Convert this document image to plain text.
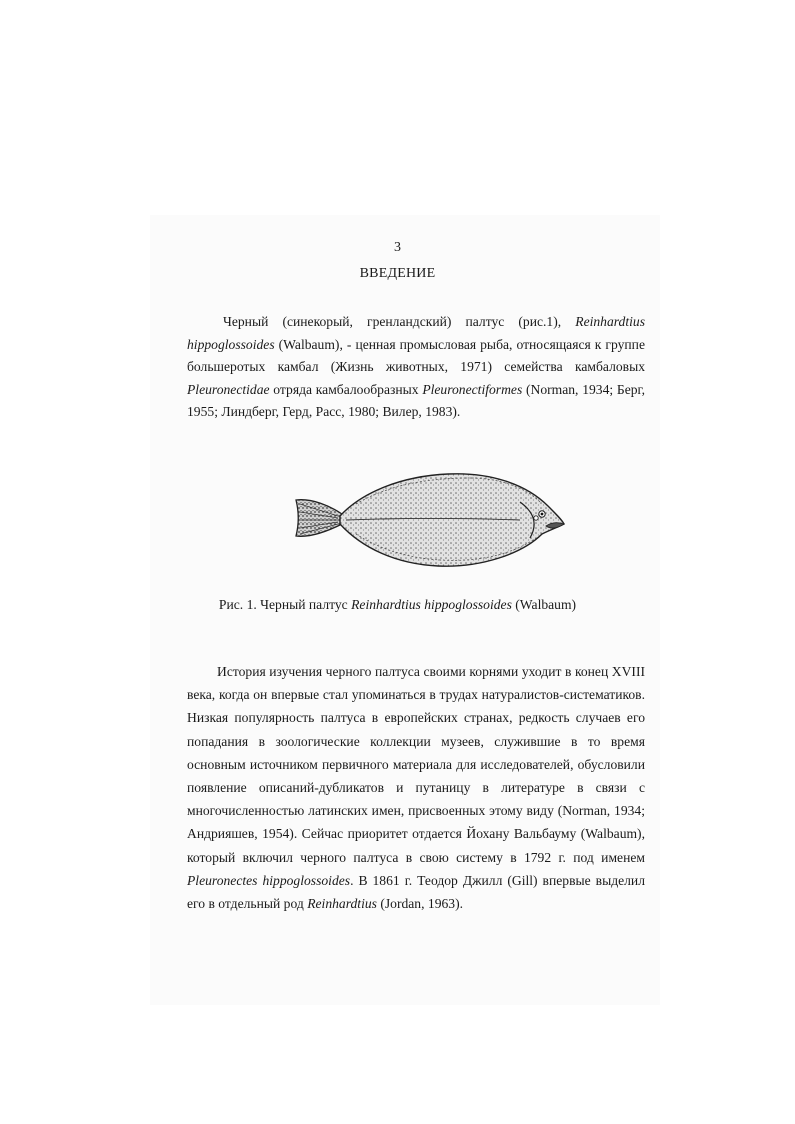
3
ВВЕДЕНИЕ

Черный (синекорый, гренландский) палтус (рис.1), Reinhardtius hippoglossoides (Walbaum), - ценная промысловая рыба, относящаяся к группе большеротых камбал (Жизнь животных, 1971) семейства камбаловых Pleuronectidae отряда камбалообразных Pleuronectiformes (Norman, 1934; Берг, 1955; Линдберг, Герд, Расс, 1980; Вилер, 1983).

Рис. 1. Черный палтус Reinhardtius hippoglossoides (Walbaum)

История изучения черного палтуса своими корнями уходит в конец XVIII века, когда он впервые стал упоминаться в трудах натуралистов-систематиков. Низкая популярность палтуса в европейских странах, редкость случаев его попадания в зоологические коллекции музеев, служившие в то время основным источником первичного материала для исследователей, обусловили появление описаний-дубликатов и путаницу в литературе в связи с многочисленностью латинских имен, присвоенных этому виду (Norman, 1934; Андрияшев, 1954). Сейчас приоритет отдается Йохану Вальбауму (Walbaum), который включил черного палтуса в свою систему в 1792 г. под именем Pleuronectes hippoglossoides. В 1861 г. Теодор Джилл (Gill) впервые выделил его в отдельный род Reinhardtius (Jordan, 1963).
